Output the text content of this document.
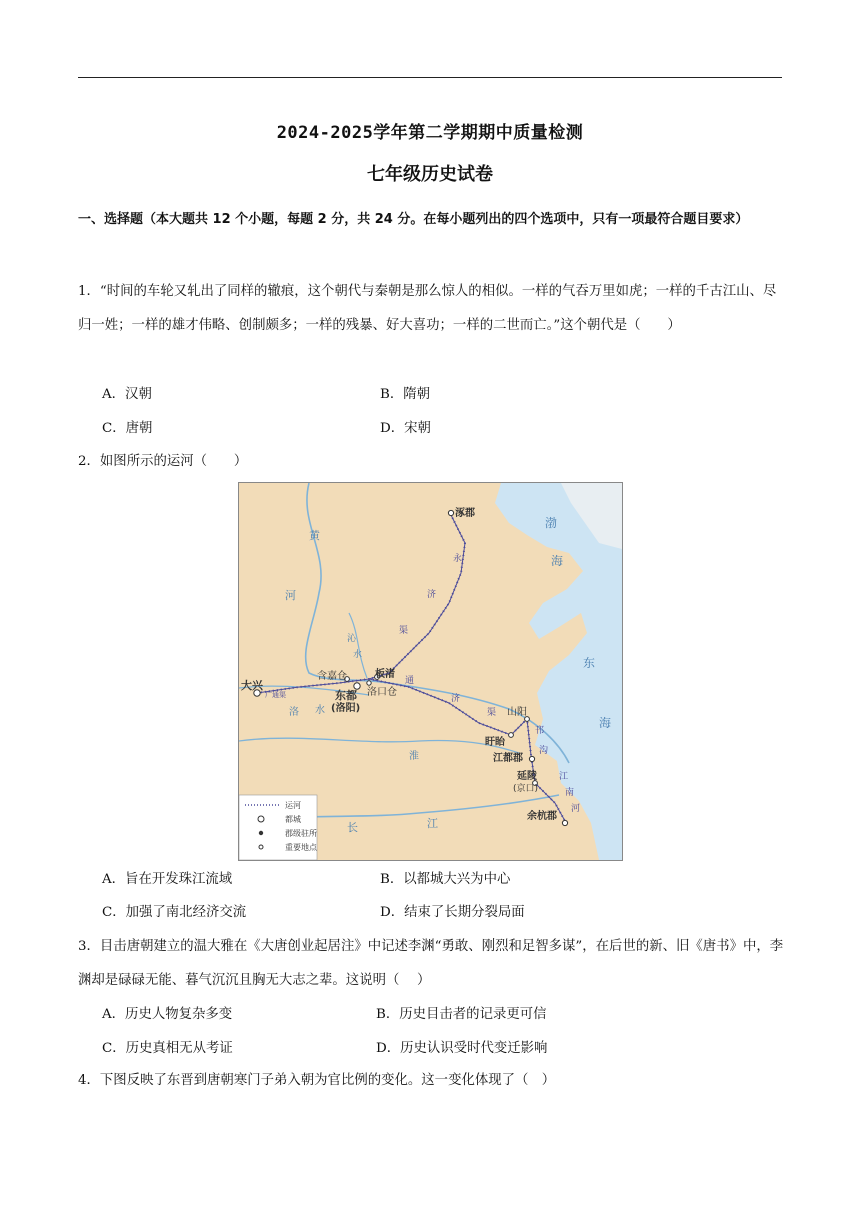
2024-2025学年第二学期期中质量检测
七年级历史试卷
一、选择题（本大题共 12 个小题，每题 2 分，共 24 分。在每小题列出的四个选项中，只有一项最符合题目要求）
1．“时间的车轮又轧出了同样的辙痕，这个朝代与秦朝是那么惊人的相似。一样的气吞万里如虎；一样的千古江山、尽归一姓；一样的雄才伟略、创制颇多；一样的残暴、好大喜功；一样的二世而亡。”这个朝代是（　　）
A．汉朝	B．隋朝
C．唐朝	D．宋朝
2．如图所示的运河（　　）
涿郡
大兴
含嘉仓	板渚
东都
(洛阳)
洛口仓
山阳
盱眙
江都郡
延陵
(京口)
余杭郡
渤
海
东
海
黄
河
洛 水
淮
长	江
永
济
渠
通
济
渠
邗
沟
江
南
河
广通渠
沁
水
运河
都城
郡级驻所
重要地点
A．旨在开发珠江流域	B．以都城大兴为中心
C．加强了南北经济交流	D．结束了长期分裂局面
3．目击唐朝建立的温大雅在《大唐创业起居注》中记述李渊“勇敢、刚烈和足智多谋”，在后世的新、旧《唐书》中，李渊却是碌碌无能、暮气沉沉且胸无大志之辈。这说明（　 ）
A．历史人物复杂多变	B．历史目击者的记录更可信
C．历史真相无从考证	D．历史认识受时代变迁影响
4．下图反映了东晋到唐朝寒门子弟入朝为官比例的变化。这一变化体现了（　）
